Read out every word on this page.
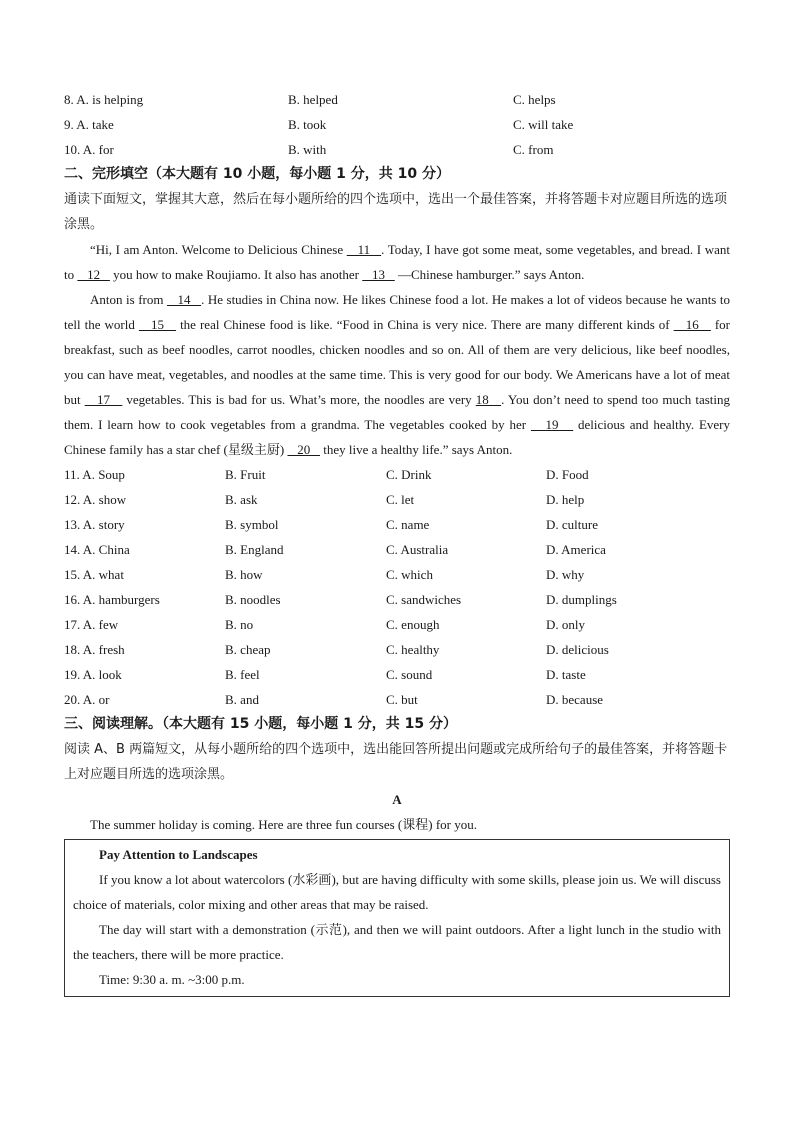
8. A. is helping	B. helped	C. helps
9. A. take	B. took	C. will take
10. A. for	B. with	C. from
二、完形填空（本大题有 10 小题，每小题 1 分，共 10 分）
通读下面短文，掌握其大意，然后在每小题所给的四个选项中，选出一个最佳答案，并将答题卡对应题目所选的选项涂黑。

“Hi, I am Anton. Welcome to Delicious Chinese    11   . Today, I have got some meat, some vegetables, and bread. I want to    12    you how to make Roujiamo. It also has another    13    —Chinese hamburger.” says Anton.

Anton is from    14   . He studies in China now. He likes Chinese food a lot. He makes a lot of videos because he wants to tell the world    15    the real Chinese food is like. “Food in China is very nice. There are many different kinds of    16    for breakfast, such as beef noodles, carrot noodles, chicken noodles and so on. All of them are very delicious, like beef noodles, you can have meat, vegetables, and noodles at the same time. This is very good for our body. We Americans have a lot of meat but    17    vegetables. This is bad for us. What’s more, the noodles are very 18   . You don’t need to spend too much tasting them. I learn how to cook vegetables from a grandma. The vegetables cooked by her    19    delicious and healthy. Every Chinese family has a star chef (星级主厨)    20    they live a healthy life.” says Anton.

11. A. Soup	B. Fruit	C. Drink	D. Food
12. A. show	B. ask	C. let	D. help
13. A. story	B. symbol	C. name	D. culture
14. A. China	B. England	C. Australia	D. America
15. A. what	B. how	C. which	D. why
16. A. hamburgers	B. noodles	C. sandwiches	D. dumplings
17. A. few	B. no	C. enough	D. only
18. A. fresh	B. cheap	C. healthy	D. delicious
19. A. look	B. feel	C. sound	D. taste
20. A. or	B. and	C. but	D. because
三、阅读理解。（本大题有 15 小题，每小题 1 分，共 15 分）
阅读 A、B 两篇短文，从每小题所给的四个选项中，选出能回答所提出问题或完成所给句子的最佳答案，并将答题卡上对应题目所选的选项涂黑。
A

The summer holiday is coming. Here are three fun courses (课程) for you.

Pay Attention to Landscapes

If you know a lot about watercolors (水彩画), but are having difficulty with some skills, please join us. We will discuss choice of materials, color mixing and other areas that may be raised.

The day will start with a demonstration (示范), and then we will paint outdoors. After a light lunch in the studio with the teachers, there will be more practice.

Time: 9:30 a. m. ~3:00 p.m.
